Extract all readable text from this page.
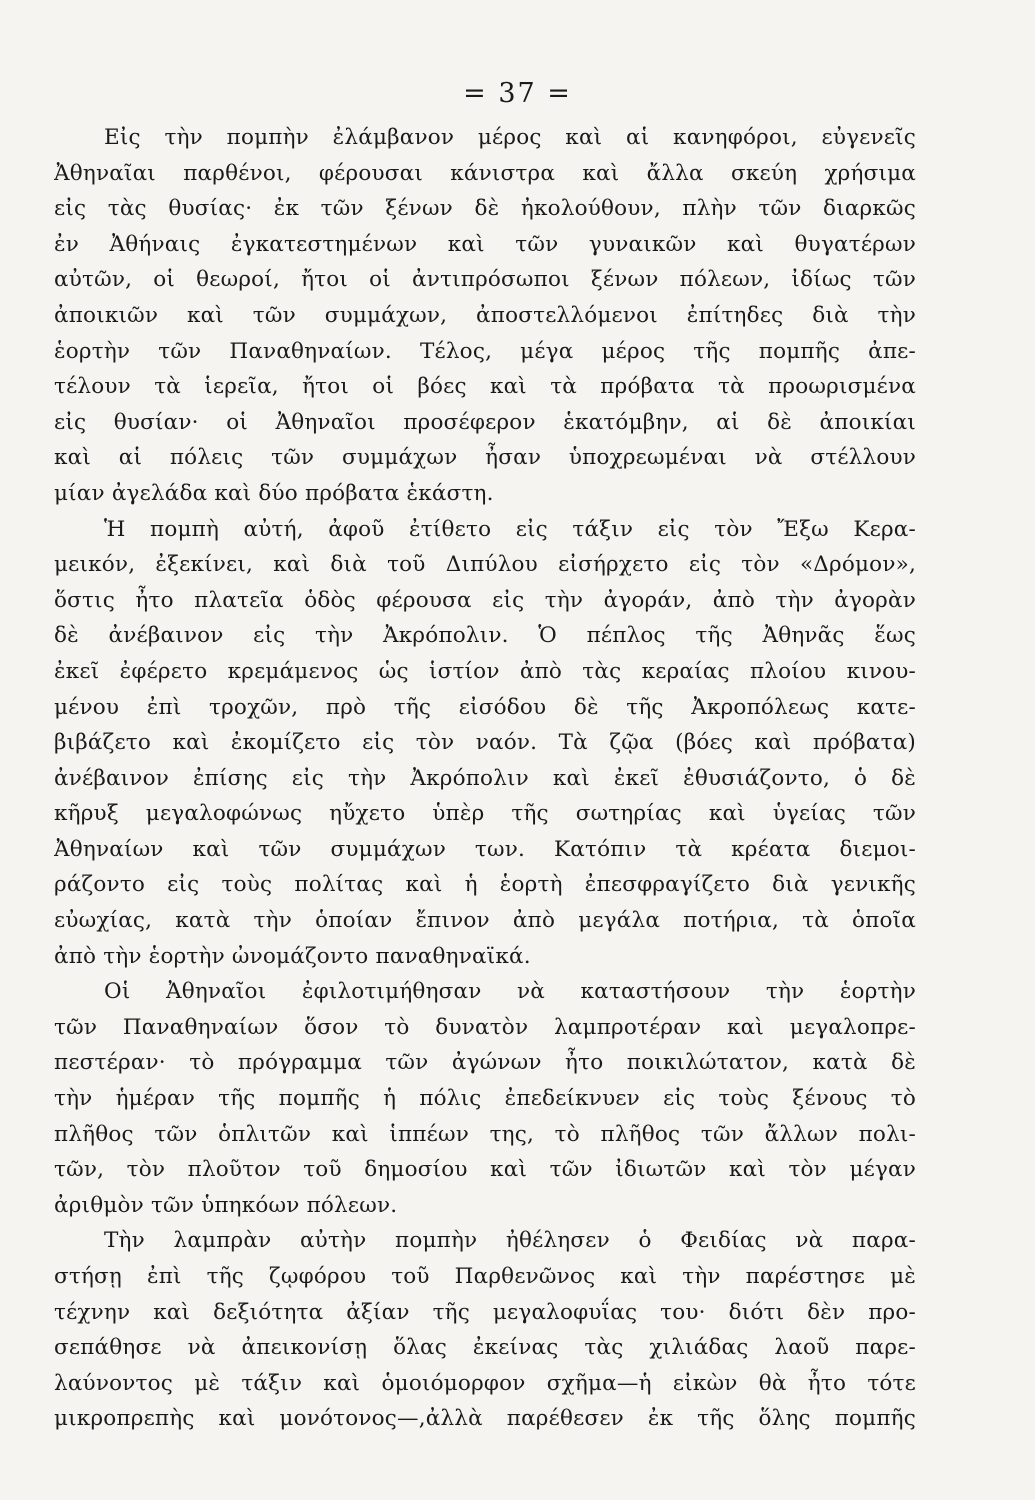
= 37 =
Εἰς τὴν πομπὴν ἐλάμβανον μέρος καὶ αἱ κανηφόροι, εὐγενεῖς
Ἀθηναῖαι παρθένοι, φέρουσαι κάνιστρα καὶ ἄλλα σκεύη χρήσιμα
εἰς τὰς θυσίας· ἐκ τῶν ξένων δὲ ἠκολούθουν, πλὴν τῶν διαρκῶς
ἐν Ἀθήναις ἐγκατεστημένων καὶ τῶν γυναικῶν καὶ θυγατέρων
αὐτῶν, οἱ θεωροί, ἤτοι οἱ ἀντιπρόσωποι ξένων πόλεων, ἰδίως τῶν
ἀποικιῶν καὶ τῶν συμμάχων, ἀποστελλόμενοι ἐπίτηδες διὰ τὴν
ἑορτὴν τῶν Παναθηναίων. Τέλος, μέγα μέρος τῆς πομπῆς ἀπε-
τέλουν τὰ ἱερεῖα, ἤτοι οἱ βόες καὶ τὰ πρόβατα τὰ προωρισμένα
εἰς θυσίαν· οἱ Ἀθηναῖοι προσέφερον ἑκατόμβην, αἱ δὲ ἀποικίαι
καὶ αἱ πόλεις τῶν συμμάχων ἦσαν ὑποχρεωμέναι νὰ στέλλουν
μίαν ἀγελάδα καὶ δύο πρόβατα ἑκάστη.
Ἡ πομπὴ αὐτή, ἀφοῦ ἐτίθετο εἰς τάξιν εἰς τὸν Ἔξω Κερα-
μεικόν, ἐξεκίνει, καὶ διὰ τοῦ Διπύλου εἰσήρχετο εἰς τὸν «Δρόμον»,
ὅστις ἦτο πλατεῖα ὁδὸς φέρουσα εἰς τὴν ἀγοράν, ἀπὸ τὴν ἀγορὰν
δὲ ἀνέβαινον εἰς τὴν Ἀκρόπολιν. Ὁ πέπλος τῆς Ἀθηνᾶς ἕως
ἐκεῖ ἐφέρετο κρεμάμενος ὡς ἱστίον ἀπὸ τὰς κεραίας πλοίου κινου-
μένου ἐπὶ τροχῶν, πρὸ τῆς εἰσόδου δὲ τῆς Ἀκροπόλεως κατε-
βιβάζετο καὶ ἐκομίζετο εἰς τὸν ναόν. Τὰ ζῷα (βόες καὶ πρόβατα)
ἀνέβαινον ἐπίσης εἰς τὴν Ἀκρόπολιν καὶ ἐκεῖ ἐθυσιάζοντο, ὁ δὲ
κῆρυξ μεγαλοφώνως ηὔχετο ὑπὲρ τῆς σωτηρίας καὶ ὑγείας τῶν
Ἀθηναίων καὶ τῶν συμμάχων των. Κατόπιν τὰ κρέατα διεμοι-
ράζοντο εἰς τοὺς πολίτας καὶ ἡ ἑορτὴ ἐπεσφραγίζετο διὰ γενικῆς
εὐωχίας, κατὰ τὴν ὁποίαν ἔπινον ἀπὸ μεγάλα ποτήρια, τὰ ὁποῖα
ἀπὸ τὴν ἑορτὴν ὠνομάζοντο παναθηναϊκά.
Οἱ Ἀθηναῖοι ἐφιλοτιμήθησαν νὰ καταστήσουν τὴν ἑορτὴν
τῶν Παναθηναίων ὅσον τὸ δυνατὸν λαμπροτέραν καὶ μεγαλοπρε-
πεστέραν· τὸ πρόγραμμα τῶν ἀγώνων ἦτο ποικιλώτατον, κατὰ δὲ
τὴν ἡμέραν τῆς πομπῆς ἡ πόλις ἐπεδείκνυεν εἰς τοὺς ξένους τὸ
πλῆθος τῶν ὁπλιτῶν καὶ ἱππέων της, τὸ πλῆθος τῶν ἄλλων πολι-
τῶν, τὸν πλοῦτον τοῦ δημοσίου καὶ τῶν ἰδιωτῶν καὶ τὸν μέγαν
ἀριθμὸν τῶν ὑπηκόων πόλεων.
Τὴν λαμπρὰν αὐτὴν πομπὴν ἠθέλησεν ὁ Φειδίας νὰ παρα-
στήσῃ ἐπὶ τῆς ζῳφόρου τοῦ Παρθενῶνος καὶ τὴν παρέστησε μὲ
τέχνην καὶ δεξιότητα ἀξίαν τῆς μεγαλοφυΐας του· διότι δὲν προ-
σεπάθησε νὰ ἀπεικονίσῃ ὅλας ἐκείνας τὰς χιλιάδας λαοῦ παρε-
λαύνοντος μὲ τάξιν καὶ ὁμοιόμορφον σχῆμα—ἡ εἰκὼν θὰ ἦτο τότε
μικροπρεπὴς καὶ μονότονος—,ἀλλὰ παρέθεσεν ἐκ τῆς ὅλης πομπῆς
